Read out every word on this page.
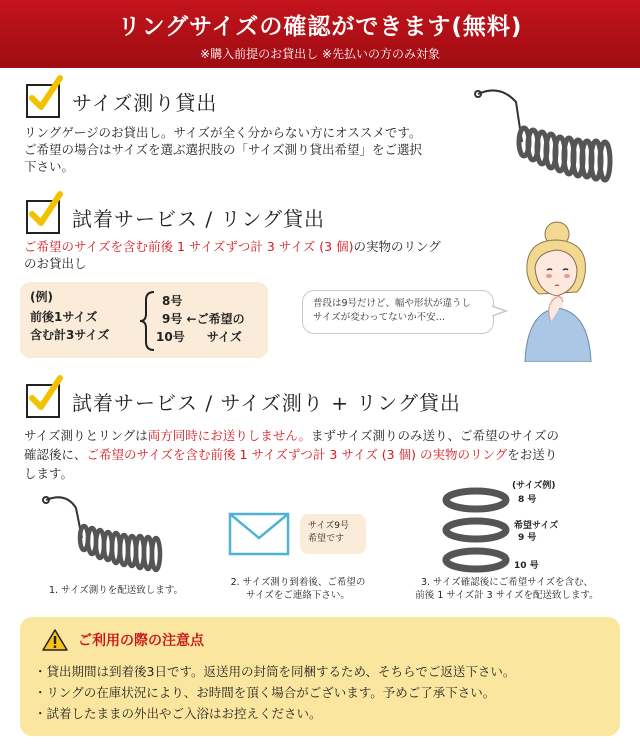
リングサイズの確認ができます(無料)
※購入前提のお貸出し ※先払いの方のみ対象
サイズ測り貸出
リングゲージのお貸出し。サイズが全く分からない方にオススメです。
ご希望の場合はサイズを選ぶ選択肢の「サイズ測り貸出希望」をご選択
下さい。
試着サービス / リング貸出
ご希望のサイズを含む前後 1 サイズずつ計 3 サイズ (3 個)の実物のリング
のお貸出し
(例)
前後1サイズ
含む計3サイズ
8号
9号 ←ご希望の
10号 サイズ
普段は9号だけど、幅や形状が違うし
サイズが変わってないか不安…
試着サービス / サイズ測り + リング貸出
サイズ測りとリングは両方同時にお送りしません。まずサイズ測りのみ送り、ご希望のサイズの
確認後に、ご希望のサイズを含む前後 1 サイズずつ計 3 サイズ (3 個) の実物のリングをお送り
します。
サイズ9号
希望です
(サイズ例)
8 号
希望サイズ
9 号
10 号
1. サイズ測りを配送致します。
2. サイズ測り到着後、ご希望の
サイズをご連絡下さい。
3. サイズ確認後にご希望サイズを含む、
前後 1 サイズ計 3 サイズを配送致します。
ご利用の際の注意点
・貸出期間は到着後3日です。返送用の封筒を同梱するため、そちらでご返送下さい。
・リングの在庫状況により、お時間を頂く場合がございます。予めご了承下さい。
・試着したままの外出やご入浴はお控えください。
